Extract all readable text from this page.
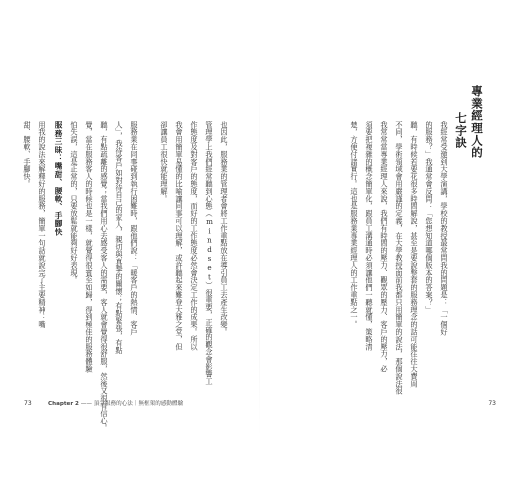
專業經理人的
七字訣
我經常受邀到大學演講，學校的教授最常問我的問題是：「一個好
的服務？」我通常會反問：「您想知道哪個版本的答案？」
聽，有時候若要花很多時間解說，甚至是要說整套的服務理念的話可能往往大費周
不同，學術領域會用嚴謹的定義，在大學教授面前我都只用簡單的說法，那個說法很
我常常當專業經理人來說，我們有時間的壓力、觀眾的壓力、客戶的壓力，必
須要把複雜的概念簡單化，跟員工溝通時必須讓他們一聽就懂，策略清
楚，方便付諸實行。這也是服務業專業經理人的工作重點之一。
73
也因此，服務業的管理者會將工作重點放在導引員工去產生改變。
管理學上我們經常聽到心態（mindset）很重要，正確的觀念會影響工
作態度及對客戶的態度，而好的工作態度必然會決定工作的成果。所以
我會用簡單易懂的比喻讓同事可以理解，或許聽起來難登大雅之堂，但
卻讓員工很快就能理解。
服務業在同事碰到執行困難時，跟他們說：「暖客戶的熱情、客戶
人」，我待客戶如對待自己的家人，親切與真摯的關懷；有點緊張，有點
聽，有點疏離的感覺；當我們用心去感受客人的需要，客人就會覺得很舒服，然後又很有信心。
覺，當在服務客人的時候也是一樣，就覺得很賓至如歸，得到極佳的服務體驗
怕失誤，這是正常的，只要放鬆就能夠好好表現。
服務三昧：嘴甜、腰軟、手腳快
用我的說法來解釋好的服務，簡單一句話就說完了主要精神：嘴
甜、腰軟、手腳快。
73	Chapter 2 —— 頂尖服務的心法｜無框架的感動體驗
